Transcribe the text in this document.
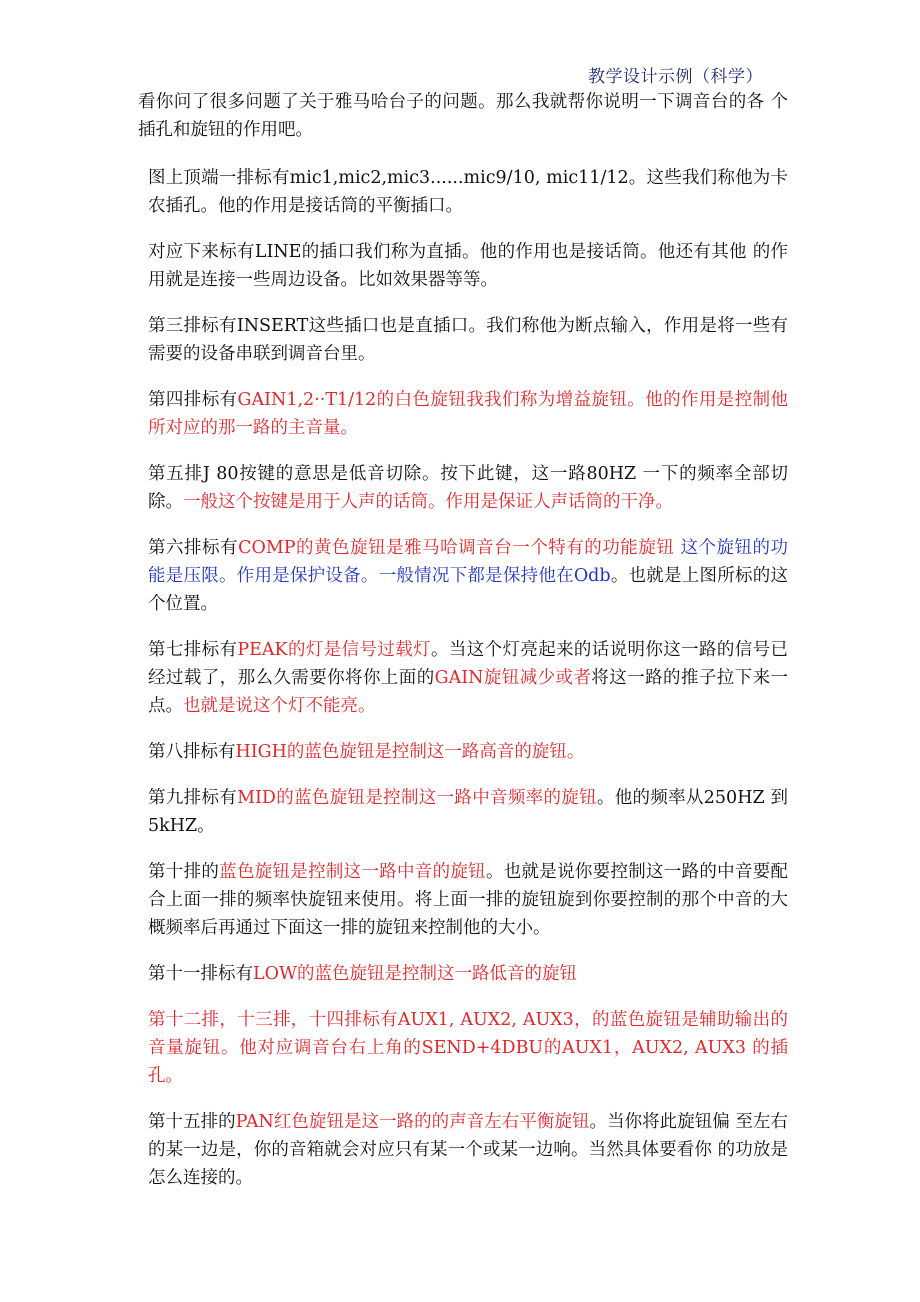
教学设计示例（科学）

看你问了很多问题了关于雅马哈台子的问题。那么我就帮你说明一下调音台的各 个插孔和旋钮的作用吧。

图上顶端一排标有mic1,mic2,mic3......mic9/10, mic11/12。这些我们称他为卡农插孔。他的作用是接话筒的平衡插口。

对应下来标有LINE的插口我们称为直插。他的作用也是接话筒。他还有其他 的作用就是连接一些周边设备。比如效果器等等。

第三排标有INSERT这些插口也是直插口。我们称他为断点输入，作用是将一些有需要的设备串联到调音台里。

第四排标有GAIN1,2··T1/12的白色旋钮我我们称为增益旋钮。他的作用是控制他所对应的那一路的主音量。

第五排J 80按键的意思是低音切除。按下此键，这一路80HZ 一下的频率全部切除。一般这个按键是用于人声的话筒。作用是保证人声话筒的干净。

第六排标有COMP的黄色旋钮是雅马哈调音台一个特有的功能旋钮 这个旋钮的功能是压限。作用是保护设备。一般情况下都是保持他在Odb。也就是上图所标的这个位置。

第七排标有PEAK的灯是信号过载灯。当这个灯亮起来的话说明你这一路的信号已经过载了，那么久需要你将你上面的GAIN旋钮减少或者将这一路的推子拉下来一点。也就是说这个灯不能亮。

第八排标有HIGH的蓝色旋钮是控制这一路高音的旋钮。

第九排标有MID的蓝色旋钮是控制这一路中音频率的旋钮。他的频率从250HZ 到 5kHZ。

第十排的蓝色旋钮是控制这一路中音的旋钮。也就是说你要控制这一路的中音要配合上面一排的频率快旋钮来使用。将上面一排的旋钮旋到你要控制的那个中音的大概频率后再通过下面这一排的旋钮来控制他的大小。

第十一排标有LOW的蓝色旋钮是控制这一路低音的旋钮

第十二排，十三排，十四排标有AUX1, AUX2, AUX3，的蓝色旋钮是辅助输出的音量旋钮。他对应调音台右上角的SEND+4DBU的AUX1，AUX2, AUX3 的插孔。

第十五排的PAN红色旋钮是这一路的的声音左右平衡旋钮。当你将此旋钮偏 至左右的某一边是，你的音箱就会对应只有某一个或某一边响。当然具体要看你 的功放是怎么连接的。
